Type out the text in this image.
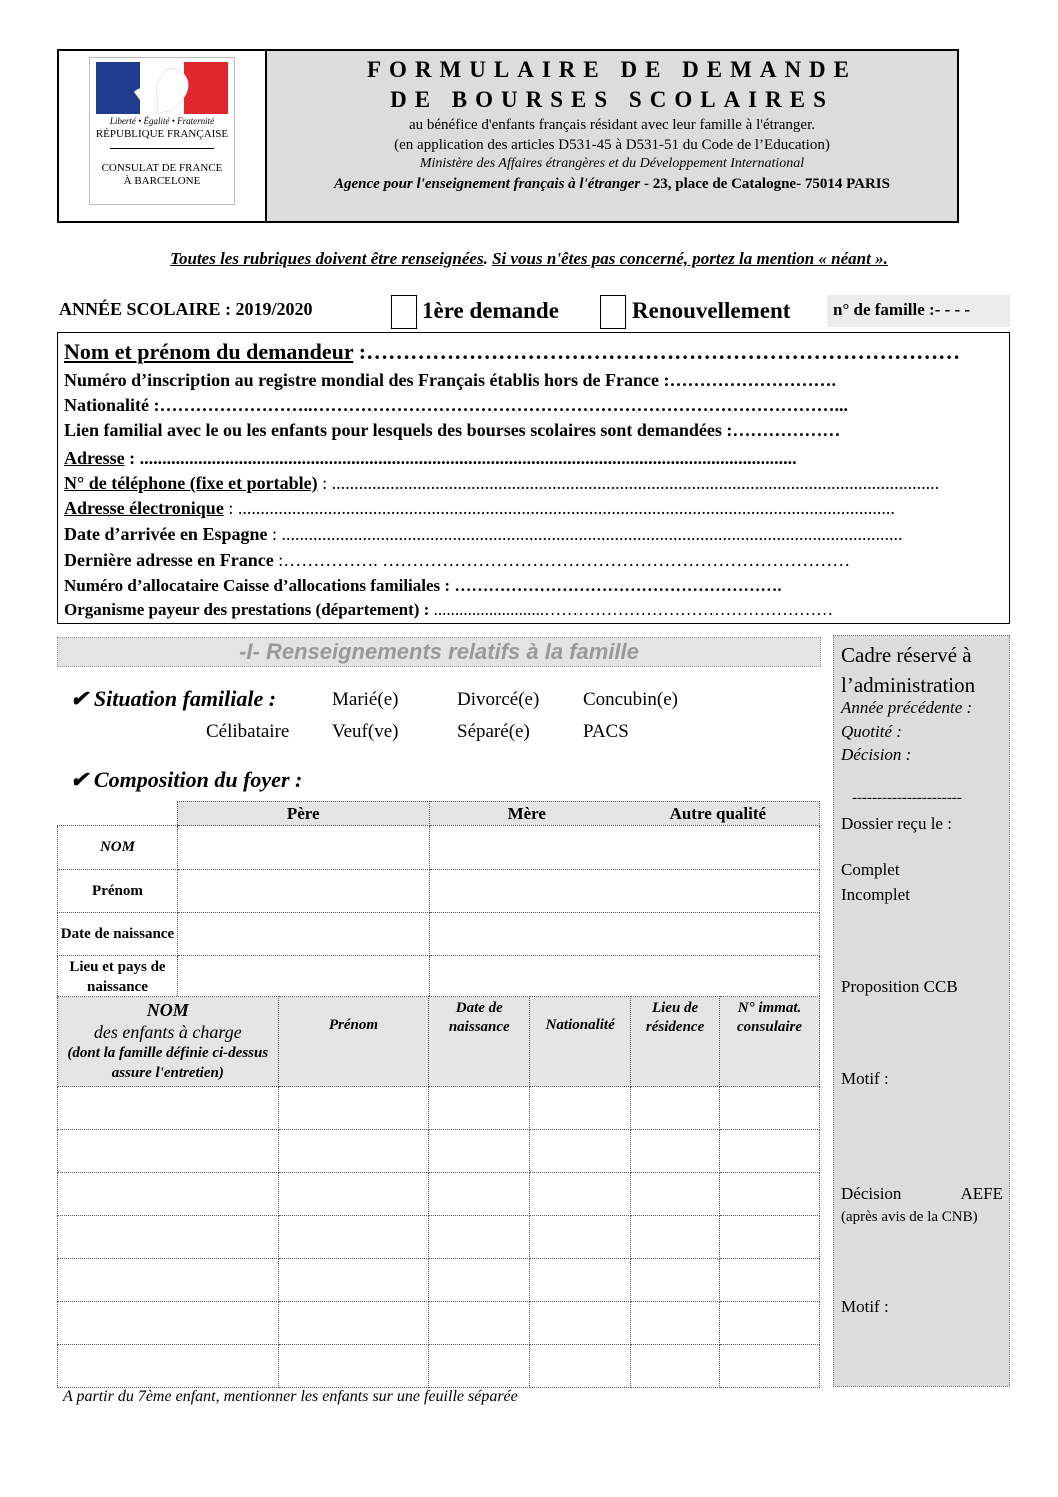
Liberté • Égalité • Fraternité
RÉPUBLIQUE FRANÇAISE
CONSULAT DE FRANCE
À BARCELONE
FORMULAIRE DE DEMANDE
DE BOURSES SCOLAIRES
au bénéfice d'enfants français résidant avec leur famille à l'étranger.
(en application des articles D531-45 à D531-51 du Code de l’Education)
Ministère des Affaires étrangères et du Développement International
Agence pour l'enseignement français à l'étranger - 23, place de Catalogne- 75014 PARIS
Toutes les rubriques doivent être renseignées. Si vous n'êtes pas concerné, portez la mention « néant ».
ANNÉE SCOLAIRE : 2019/2020	1ère demande	Renouvellement	n° de famille :- - - -
Nom et prénom du demandeur :………………………………………………………………………
Numéro d’inscription au registre mondial des Français établis hors de France :……………………….
Nationalité :……………………..……………………………………………………………………………...
Lien familial avec le ou les enfants pour lesquels des bourses scolaires sont demandées :………………
Adresse : ..................................................................................................................................................
N° de téléphone (fixe et portable) : .......................................................................................................................................
Adresse électronique : ..................................................................................................................................................
Date d’arrivée en Espagne : ..........................................................................................................................................
Dernière adresse en France :……………. ……………………………………………………………………
Numéro d’allocataire Caisse d’allocations familiales : ………………………………………………….
Organisme payeur des prestations (département) : ..........................……………………………………………
-I- Renseignements relatifs à la famille
✔ Situation familiale :	Marié(e)	Divorcé(e) Concubin(e)
Célibataire Veuf(ve)	Séparé(e)	PACS
✔ Composition du foyer :
	Père	Mère Autre qualité

NOM		
Prénom		
Date de naissance		
Lieu et pays de naissance		
NOM
des enfants à charge
(dont la famille définie ci-dessus assure l'entretien)	Prénom	Date de naissance	Nationalité	Lieu de résidence	N° immat. consulaire

A partir du 7ème enfant, mentionner les enfants sur une feuille séparée
Cadre réservé à l’administration
Année précédente :
Quotité :
Décision :
----------------------
Dossier reçu le :
Complet
Incomplet
Proposition CCB
Motif :
Décision AEFE
(après avis de la CNB)
Motif :
